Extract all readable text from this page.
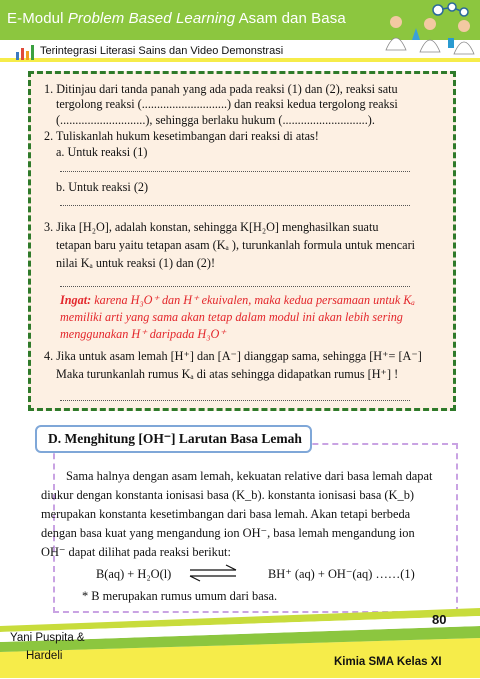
E-Modul Problem Based Learning Asam dan Basa
Terintegrasi Literasi Sains dan Video Demonstrasi
1. Ditinjau dari tanda panah yang ada pada reaksi (1) dan (2), reaksi satu
tergolong reaksi (............................) dan reaksi kedua tergolong reaksi
(............................), sehingga berlaku hukum (............................).
2. Tuliskanlah hukum kesetimbangan dari reaksi di atas!
a. Untuk reaksi (1)
b. Untuk reaksi (2)
3. Jika [H₂O], adalah konstan, sehingga K[H₂O] menghasilkan suatu
tetapan baru yaitu tetapan asam (Kₐ ), turunkanlah formula untuk mencari
nilai Kₐ untuk reaksi (1) dan (2)!
Ingat: karena H₃O⁺ dan H⁺ ekuivalen, maka kedua persamaan untuk Kₐ
memiliki arti yang sama akan tetap dalam modul ini akan lebih sering
menggunakan H⁺ daripada H₃O⁺
4. Jika untuk asam lemah [H⁺] dan [A⁻] dianggap sama, sehingga [H⁺= [A⁻]
Maka turunkanlah rumus Kₐ di atas sehingga didapatkan rumus [H⁺] !
D. Menghitung [OH⁻] Larutan Basa Lemah
Sama halnya dengan asam lemah, kekuatan relative dari basa lemah dapat
diukur dengan konstanta ionisasi basa (K_b). konstanta ionisasi basa (K_b)
merupakan konstanta kesetimbangan dari basa lemah. Akan tetapi berbeda
dengan basa kuat yang mengandung ion OH⁻, basa lemah mengandung ion
OH⁻ dapat dilihat pada reaksi berikut:
B(aq) + H₂O(l) ⇌ BH⁺ (aq) + OH⁻(aq) ……(1)
* B merupakan rumus umum dari basa.
80
Yani Puspita &
Hardeli	Kimia SMA Kelas XI
